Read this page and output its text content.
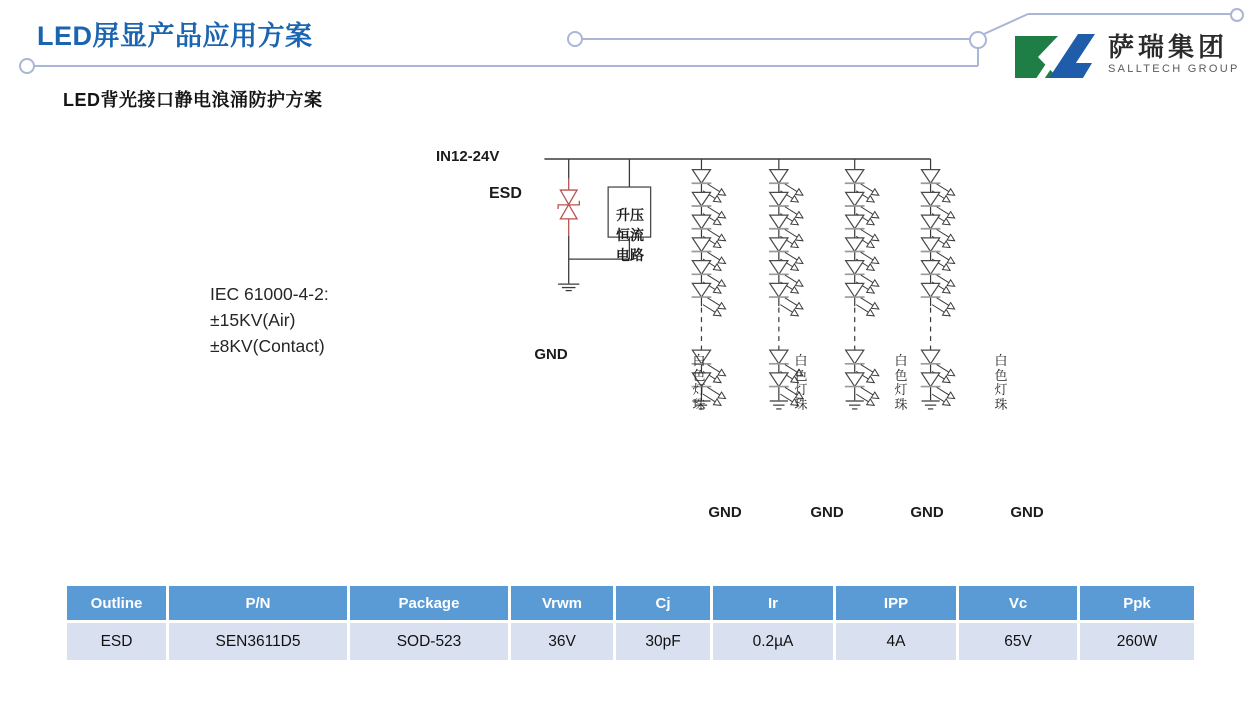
LED屏显产品应用方案	萨瑞集团
SALLTECH GROUP
LED背光接口静电浪涌防护方案
IN12-24V
ESD
升压
恒流
电路
GND
IEC 61000-4-2:
±15KV(Air)
±8KV(Contact)
白色灯珠
白色灯珠
白色灯珠
白色灯珠
GND	GND	GND	GND
Outline	P/N	Package	Vrwm	Cj	Ir	IPP	Vc	Ppk
ESD	SEN3611D5	SOD-523	36V	30pF	0.2µA	4A	65V	260W
